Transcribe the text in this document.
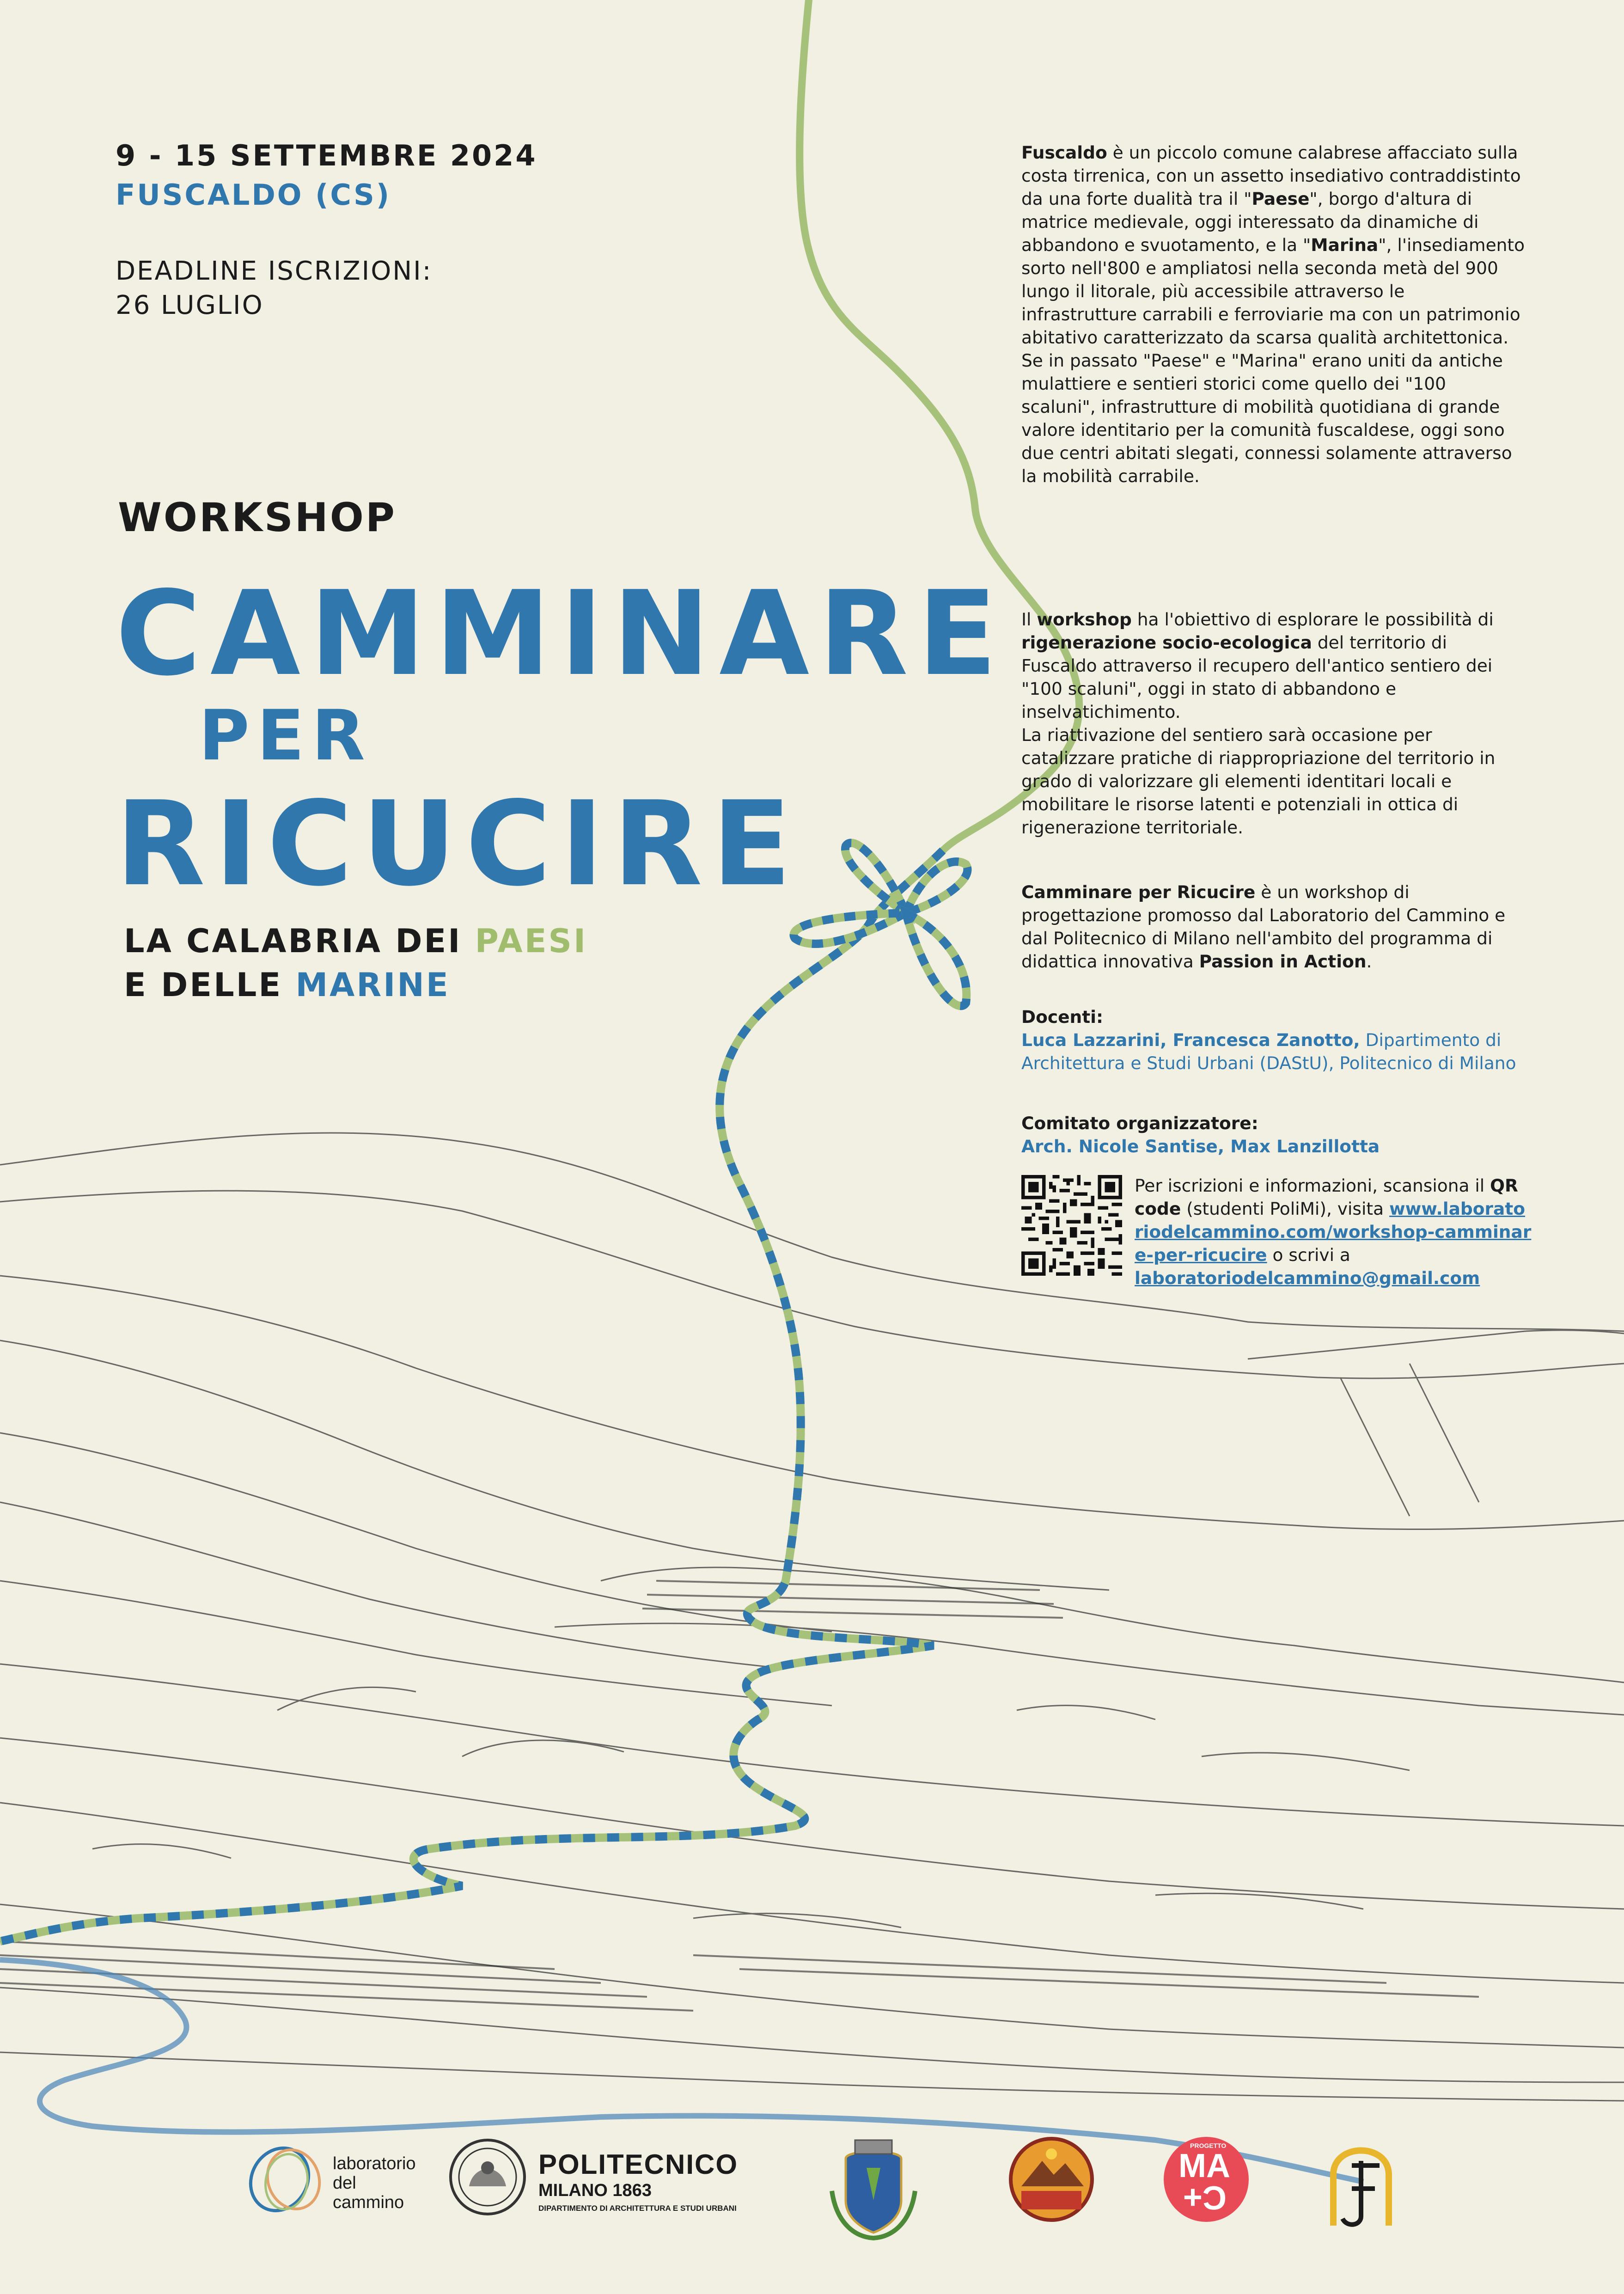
9 - 15 SETTEMBRE 2024
FUSCALDO (CS)
DEADLINE ISCRIZIONI:
26 LUGLIO
WORKSHOP
CAMMINARE
PER
RICUCIRE
LA CALABRIA DEI PAESI
E DELLE MARINE

Fuscaldo è un piccolo comune calabrese affacciato sulla costa tirrenica, con un assetto insediativo contraddistinto da una forte dualità tra il "Paese", borgo d'altura di matrice medievale, oggi interessato da dinamiche di abbandono e svuotamento, e la "Marina", l'insediamento sorto nell'800 e ampliatosi nella seconda metà del 900 lungo il litorale, più accessibile attraverso le infrastrutture carrabili e ferroviarie ma con un patrimonio abitativo caratterizzato da scarsa qualità architettonica.

Se in passato "Paese" e "Marina" erano uniti da antiche mulattiere e sentieri storici come quello dei "100 scaluni", infrastrutture di mobilità quotidiana di grande valore identitario per la comunità fuscaldese, oggi sono due centri abitati slegati, connessi solamente attraverso la mobilità carrabile.

Il workshop ha l'obiettivo di esplorare le possibilità di rigenerazione socio-ecologica del territorio di Fuscaldo attraverso il recupero dell'antico sentiero dei "100 scaluni", oggi in stato di abbandono e inselvatichimento.

La riattivazione del sentiero sarà occasione per catalizzare pratiche di riappropriazione del territorio in grado di valorizzare gli elementi identitari locali e mobilitare le risorse latenti e potenziali in ottica di rigenerazione territoriale.

Camminare per Ricucire è un workshop di progettazione promosso dal Laboratorio del Cammino e dal Politecnico di Milano nell'ambito del programma di didattica innovativa Passion in Action.

Docenti:

Luca Lazzarini, Francesca Zanotto, Dipartimento di Architettura e Studi Urbani (DAStU), Politecnico di Milano

Comitato organizzatore:

Arch. Nicole Santise, Max Lanzillotta

Per iscrizioni e informazioni, scansiona il QR code (studenti PoliMi), visita www.laboratoriodelcammino.com/workshop-camminare-per-ricucire o scrivi a laboratoriodelcammino@gmail.com
laboratorio
del cammino
POLITECNICO
MILANO 1863
DIPARTIMENTO DI ARCHITETTURA E STUDI URBANI
PROGETTO
MA
C+
